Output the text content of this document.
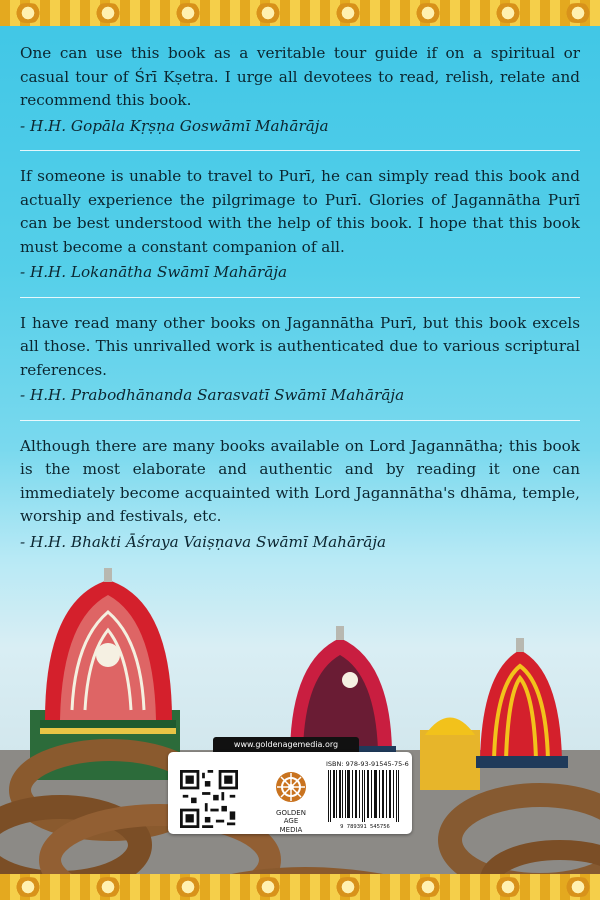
One can use this book as a veritable tour guide if on a spiritual or casual tour of Śrī Kṣetra. I urge all devotees to read, relish, relate and recommend this book.

- H.H. Gopāla Kṛṣṇa Goswāmī Mahārāja

If someone is unable to travel to Purī, he can simply read this book and actually experience the pilgrimage to Purī. Glories of Jagannātha Purī can be best understood with the help of this book. I hope that this book must become a constant companion of all.

- H.H. Lokanātha Swāmī Mahārāja

I have read many other books on Jagannātha Purī, but this book excels all those. This unrivalled work is authenticated due to various scriptural references.

- H.H. Prabodhānanda Sarasvatī Swāmī Mahārāja

Although there are many books available on Lord Jagannātha; this book is the most elaborate and authentic and by reading it one can immediately become acquainted with Lord Jagannātha's dhāma, temple, worship and festivals, etc.

- H.H. Bhakti Āśraya Vaiṣṇava Swāmī Mahārāja

www.goldenagemedia.org
GOLDEN AGE
MEDIA
ISBN: 978-93-91545-75-6
9 789391 545756
